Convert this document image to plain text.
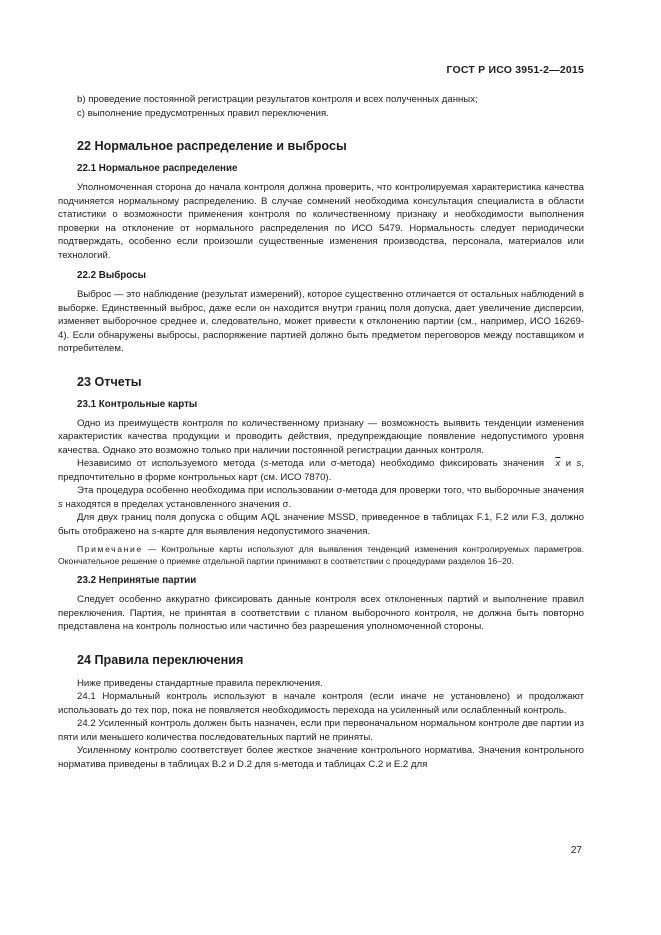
ГОСТ Р ИСО 3951-2—2015

b) проведение постоянной регистрации результатов контроля и всех полученных данных;

c) выполнение предусмотренных правил переключения.

22 Нормальное распределение и выбросы
22.1 Нормальное распределение

Уполномоченная сторона до начала контроля должна проверить, что контролируемая характеристика качества подчиняется нормальному распределению. В случае сомнений необходима консультация специалиста в области статистики о возможности применения контроля по количественному признаку и необходимости выполнения проверки на отклонение от нормального распределения по ИСО 5479. Нормальность следует периодически подтверждать, особенно если произошли существенные изменения производства, персонала, материалов или технологий.

22.2 Выбросы

Выброс — это наблюдение (результат измерений), которое существенно отличается от остальных наблюдений в выборке. Единственный выброс, даже если он находится внутри границ поля допуска, дает увеличение дисперсии, изменяет выборочное среднее и, следовательно, может привести к отклонению партии (см., например, ИСО 16269-4). Если обнаружены выбросы, распоряжение партией должно быть предметом переговоров между поставщиком и потребителем.

23 Отчеты
23.1 Контрольные карты

Одно из преимуществ контроля по количественному признаку — возможность выявить тенденции изменения характеристик качества продукции и проводить действия, предупреждающие появление недопустимого уровня качества. Однако это возможно только при наличии постоянной регистрации данных контроля.

Независимо от используемого метода (s-метода или σ-метода) необходимо фиксировать значения $\overline{x}$ и s, предпочтительно в форме контрольных карт (см. ИСО 7870).

Эта процедура особенно необходима при использовании σ-метода для проверки того, что выборочные значения s находятся в пределах установленного значения σ.

Для двух границ поля допуска с общим AQL значение MSSD, приведенное в таблицах F.1, F.2 или F.3, должно быть отображено на s-карте для выявления недопустимого значения.

Примечание — Контрольные карты используют для выявления тенденций изменения контролируемых параметров. Окончательное решение о приемке отдельной партии принимают в соответствии с процедурами разделов 16–20.

23.2 Непринятые партии

Следует особенно аккуратно фиксировать данные контроля всех отклоненных партий и выполнение правил переключения. Партия, не принятая в соответствии с планом выборочного контроля, не должна быть повторно представлена на контроль полностью или частично без разрешения уполномоченной стороны.

24 Правила переключения

Ниже приведены стандартные правила переключения.

24.1 Нормальный контроль используют в начале контроля (если иначе не установлено) и продолжают использовать до тех пор, пока не появляется необходимость перехода на усиленный или ослабленный контроль.

24.2 Усиленный контроль должен быть назначен, если при первоначальном нормальном контроле две партии из пяти или меньшего количества последовательных партий не приняты.

Усиленному контролю соответствует более жесткое значение контрольного норматива. Значения контрольного норматива приведены в таблицах B.2 и D.2 для s-метода и таблицах C.2 и E.2 для

27
